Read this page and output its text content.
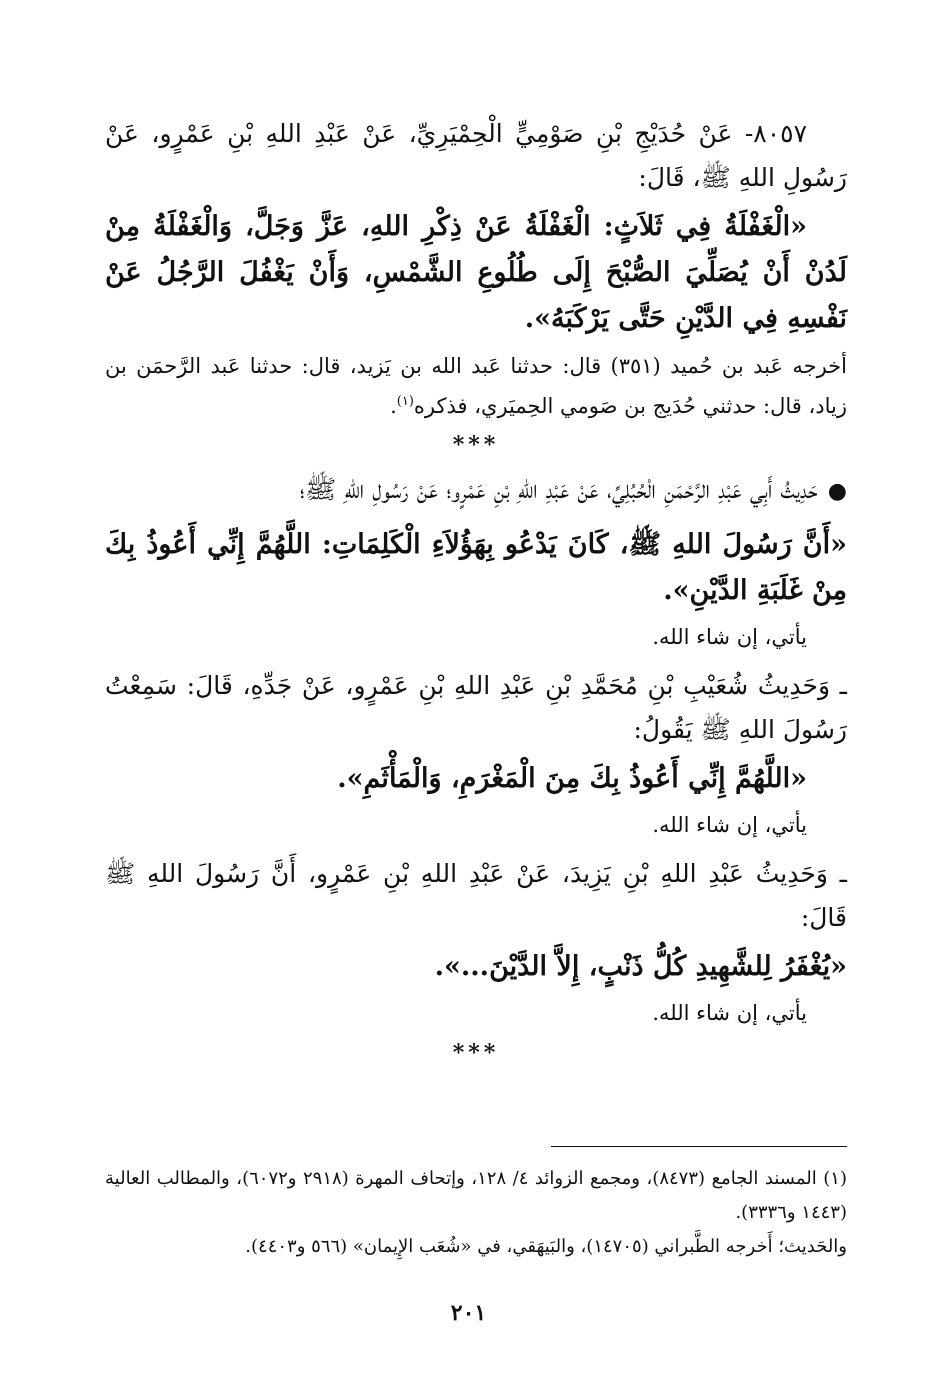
٨٠٥٧- عَنْ حُدَيْجِ بْنِ صَوْمِيٍّ الْحِمْيَرِيِّ، عَنْ عَبْدِ اللهِ بْنِ عَمْرٍو، عَنْ رَسُولِ اللهِ ﷺ، قَالَ:

«الْغَفْلَةُ فِي ثَلاَثٍ: الْغَفْلَةُ عَنْ ذِكْرِ اللهِ، عَزَّ وَجَلَّ، وَالْغَفْلَةُ مِنْ لَدُنْ أَنْ يُصَلِّيَ الصُّبْحَ إِلَى طُلُوعِ الشَّمْسِ، وَأَنْ يَغْفُلَ الرَّجُلُ عَنْ نَفْسِهِ فِي الدَّيْنِ حَتَّى يَرْكَبَهُ».

أخرجه عَبد بن حُميد (٣٥١) قال: حدثنا عَبد الله بن يَزيد، قال: حدثنا عَبد الرَّحمَن بن زياد، قال: حدثني حُدَيج بن صَومي الحِميَري، فذكره$^{(١)}$.

***

●حَدِيثُ أَبِي عَبْدِ الرَّحْمَنِ الْحُبُلِيِّ، عَنْ عَبْدِ اللهِ بْنِ عَمْرٍو؛ عَنْ رَسُولِ اللهِ ﷺ؛

«أَنَّ رَسُولَ اللهِ ﷺ، كَانَ يَدْعُو بِهَؤُلاَءِ الْكَلِمَاتِ: اللَّهُمَّ إِنِّي أَعُوذُ بِكَ مِنْ غَلَبَةِ الدَّيْنِ».

يأتي، إن شاء الله.

ـ وَحَدِيثُ شُعَيْبِ بْنِ مُحَمَّدِ بْنِ عَبْدِ اللهِ بْنِ عَمْرٍو، عَنْ جَدِّهِ، قَالَ: سَمِعْتُ رَسُولَ اللهِ ﷺ يَقُولُ:

«اللَّهُمَّ إِنِّي أَعُوذُ بِكَ مِنَ الْمَغْرَمِ، وَالْمَأْثَمِ».

يأتي، إن شاء الله.

ـ وَحَدِيثُ عَبْدِ اللهِ بْنِ يَزِيدَ، عَنْ عَبْدِ اللهِ بْنِ عَمْرٍو، أَنَّ رَسُولَ اللهِ ﷺ قَالَ:

«يُغْفَرُ لِلشَّهِيدِ كُلُّ ذَنْبٍ، إِلاَّ الدَّيْنَ...».

يأتي، إن شاء الله.

***

(١) المسند الجامع (٨٤٧٣)، ومجمع الزوائد ٤/ ١٢٨، وإتحاف المهرة (٢٩١٨ و٦٠٧٢)، والمطالب العالية (١٤٤٣ و٣٣٣٦).

والحَديث؛ أَخرجه الطَّبراني (١٤٧٠٥)، والبَيهَقي، في «شُعَب الإِيمان» (٥٦٦ و٤٤٠٣).

٢٠١
